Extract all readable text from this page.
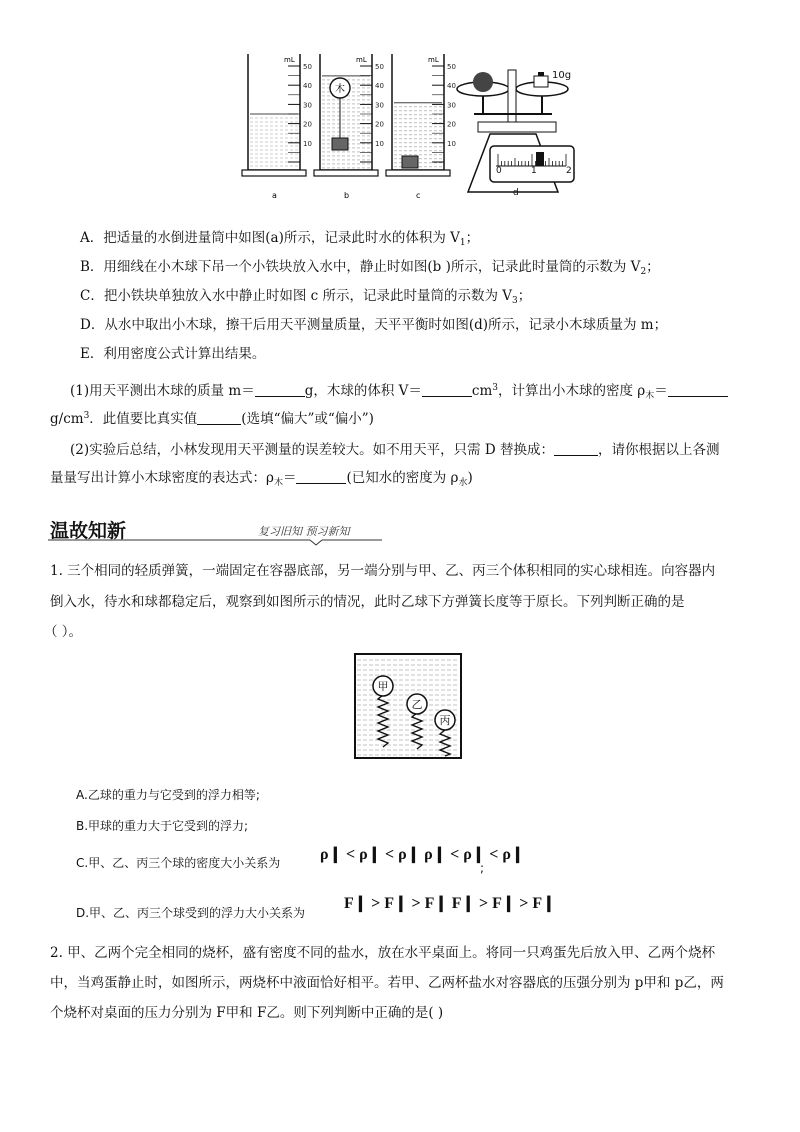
50
40
30
20
10
mL
a
50
40
30
20
10
mL
b
木
50
40
30
20
10
mL
c
10g
0	1	2
d
A．把适量的水倒进量筒中如图(a)所示，记录此时水的体积为 $V_1$；
B．用细线在小木球下吊一个小铁块放入水中，静止时如图(b )所示，记录此时量筒的示数为 $V_2$；
C．把小铁块单独放入水中静止时如图 c 所示，记录此时量筒的示数为 $V_3$；
D．从水中取出小木球，擦干后用天平测量质量，天平平衡时如图(d)所示，记录小木球质量为 m；
E．利用密度公式计算出结果。
(1)用天平测出木球的质量 m＝	g，木球的体积 V＝	$cm^3$，计算出小木球的密度 $\rho_木=$
$g/cm^3$．此值要比真实值	(选填“偏大”或“偏小”)
(2)实验后总结，小林发现用天平测量的误差较大。如不用天平，只需 D 替换成：	，请你根据以上各测
量量写出计算小木球密度的表达式：$\rho_木=$	(已知水的密度为 $\rho_水$)
温故知新	复习旧知 预习新知
1. 三个相同的轻质弹簧，一端固定在容器底部，另一端分别与甲、乙、丙三个体积相同的实心球相连。向容器内
倒入水，待水和球都稳定后，观察到如图所示的情况，此时乙球下方弹簧长度等于原长。下列判断正确的是
（ ）。
甲
乙
丙
A.乙球的重力与它受到的浮力相等;
B.甲球的重力大于它受到的浮力;
C.甲、乙、丙三个球的密度大小关系为 ρ❙ < ρ❙ < ρ❙ ρ❙ < ρ❙ < ρ❙
;
D.甲、乙、丙三个球受到的浮力大小关系为
F❙ > F❙ > F❙ F❙ > F❙ > F❙
2. 甲、乙两个完全相同的烧杯，盛有密度不同的盐水，放在水平桌面上。将同一只鸡蛋先后放入甲、乙两个烧杯
中，当鸡蛋静止时，如图所示，两烧杯中液面恰好相平。若甲、乙两杯盐水对容器底的压强分别为 p甲和 p乙，两
个烧杯对桌面的压力分别为 F甲和 F乙。则下列判断中正确的是( )
